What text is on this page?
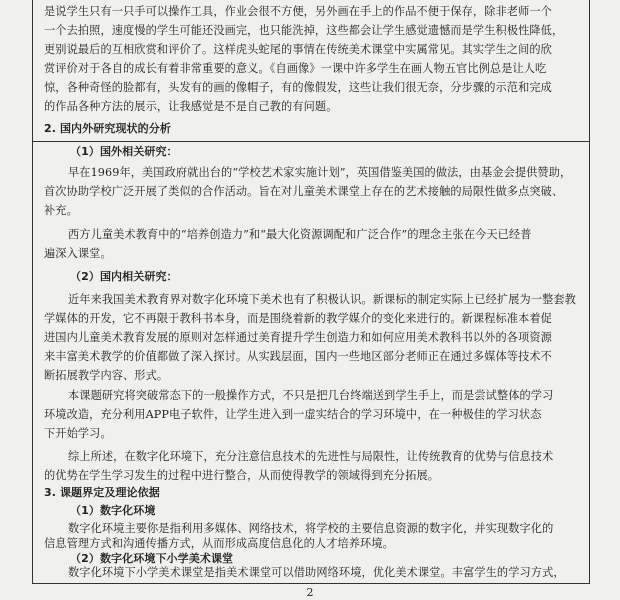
是说学生只有一只手可以操作工具，作业会很不方便，另外画在手上的作品不便于保存，除非老师一个
一个去拍照，速度慢的学生可能还没画完，也只能洗掉，这些都会让学生感觉遗憾而是学生积极性降低，
更别说最后的互相欣赏和评价了。这样虎头蛇尾的事情在传统美术课堂中实属常见。其实学生之间的欣
赏评价对于各自的成长有着非常重要的意义。《自画像》一课中许多学生在画人物五官比例总是让人吃
惊，各种奇怪的脸都有，头发有的画的像帽子，有的像假发，这些让我们很无奈，分步骤的示范和完成
的作品各种方法的展示，让我感觉是不是自己教的有问题。
2. 国内外研究现状的分析
（1）国外相关研究：
早在1969年，美国政府就出台的“学校艺术家实施计划”，英国借鉴美国的做法，由基金会提供赞助，
首次协助学校广泛开展了类似的合作活动。旨在对儿童美术课堂上存在的艺术接触的局限性做多点突破、
补充。
西方儿童美术教育中的“培养创造力”和“最大化资源调配和广泛合作”的理念主张在今天已经普
遍深入课堂。
（2）国内相关研究：
近年来我国美术教育界对数字化环境下美术也有了积极认识。新课标的制定实际上已经扩展为一整套教
学媒体的开发，它不再限于教科书本身，而是围绕着新的教学媒介的变化来进行的。新课程标准本着促
进国内儿童美术教育发展的原则对怎样通过美育提升学生创造力和如何应用美术教科书以外的各项资源
来丰富美术教学的价值都做了深入探讨。从实践层面，国内一些地区部分老师正在通过多媒体等技术不
断拓展教学内容、形式。
本课题研究将突破常态下的一般操作方式，不只是把几台终端送到学生手上，而是尝试整体的学习
环境改造，充分利用APP电子软件，让学生进入到一虚实结合的学习环境中，在一种极佳的学习状态
下开始学习。
综上所述，在数字化环境下，充分注意信息技术的先进性与局限性，让传统教育的优势与信息技术
的优势在学生学习发生的过程中进行整合，从而使得教学的领域得到充分拓展。
3. 课题界定及理论依据
（1）数字化环境
数字化环境主要你是指利用多媒体、网络技术，将学校的主要信息资源的数字化，并实现数字化的
信息管理方式和沟通传播方式，从而形成高度信息化的人才培养环境。
（2）数字化环境下小学美术课堂
数字化环境下小学美术课堂是指美术课堂可以借助网络环境，优化美术课堂。丰富学生的学习方式，
2
